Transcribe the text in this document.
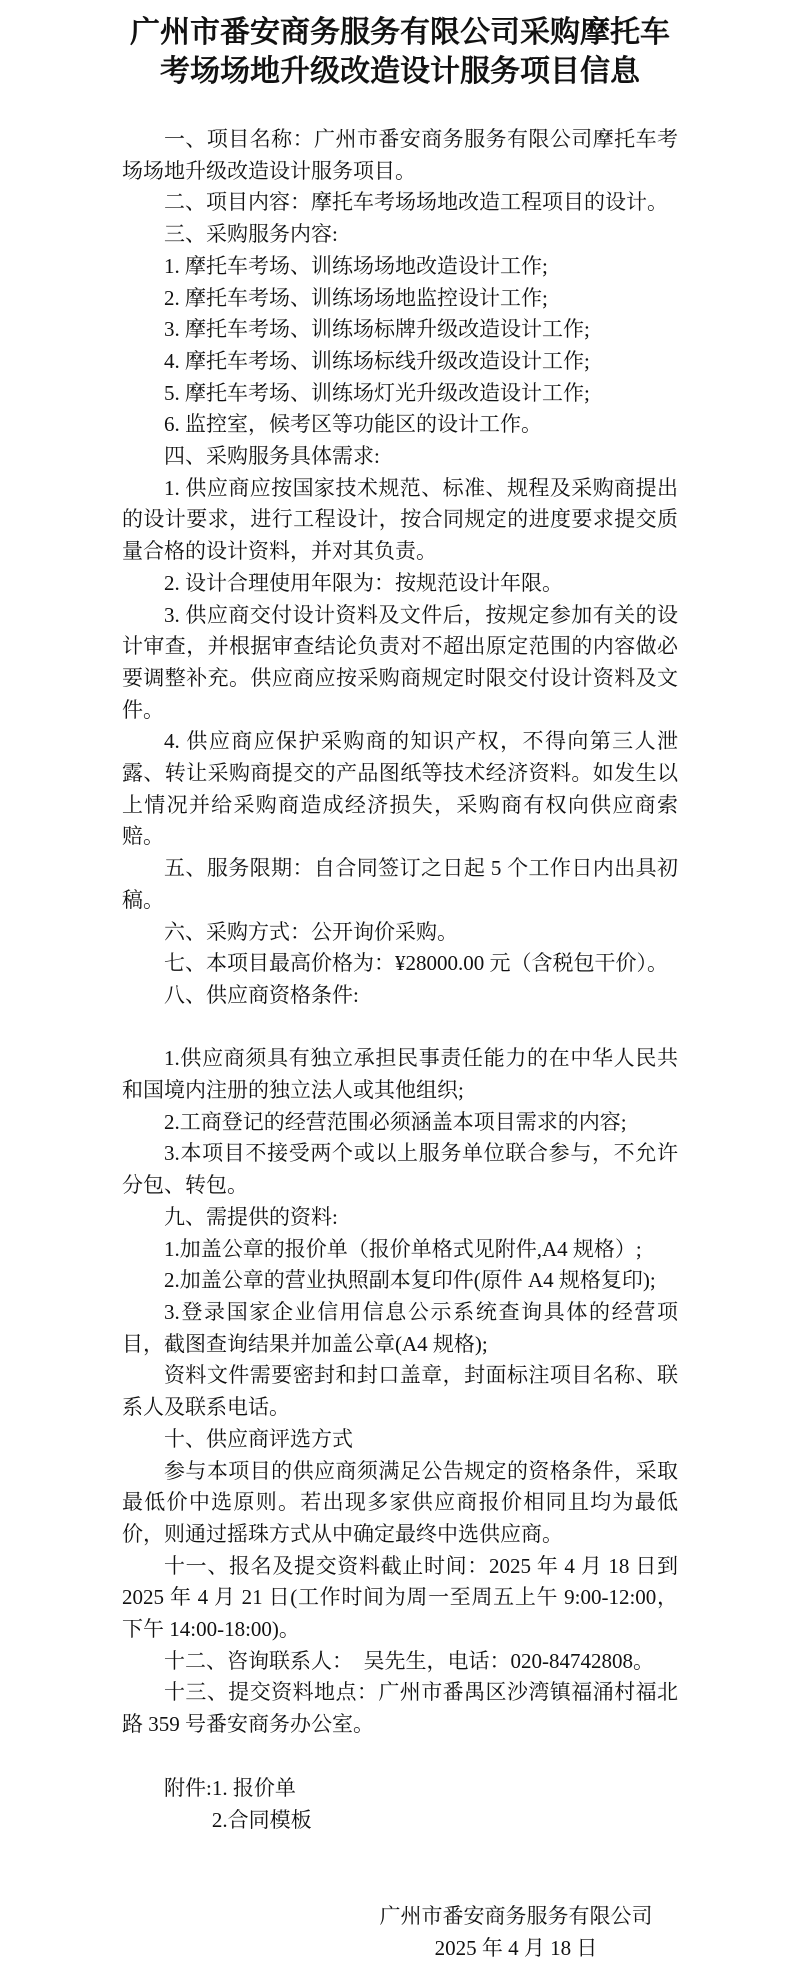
广州市番安商务服务有限公司采购摩托车
考场场地升级改造设计服务项目信息

一、项目名称：广州市番安商务服务有限公司摩托车考场场地升级改造设计服务项目。

二、项目内容：摩托车考场场地改造工程项目的设计。

三、采购服务内容:

1. 摩托车考场、训练场场地改造设计工作;

2. 摩托车考场、训练场场地监控设计工作;

3. 摩托车考场、训练场标牌升级改造设计工作;

4. 摩托车考场、训练场标线升级改造设计工作;

5. 摩托车考场、训练场灯光升级改造设计工作;

6. 监控室，候考区等功能区的设计工作。

四、采购服务具体需求:

1. 供应商应按国家技术规范、标准、规程及采购商提出的设计要求，进行工程设计，按合同规定的进度要求提交质量合格的设计资料，并对其负责。

2. 设计合理使用年限为：按规范设计年限。

3. 供应商交付设计资料及文件后，按规定参加有关的设计审查，并根据审查结论负责对不超出原定范围的内容做必要调整补充。供应商应按采购商规定时限交付设计资料及文件。

4. 供应商应保护采购商的知识产权，不得向第三人泄露、转让采购商提交的产品图纸等技术经济资料。如发生以上情况并给采购商造成经济损失，采购商有权向供应商索赔。

五、服务限期：自合同签订之日起 5 个工作日内出具初稿。

六、采购方式：公开询价采购。

七、本项目最高价格为：¥28000.00 元（含税包干价）。

八、供应商资格条件:

1.供应商须具有独立承担民事责任能力的在中华人民共和国境内注册的独立法人或其他组织;

2.工商登记的经营范围必须涵盖本项目需求的内容;

3.本项目不接受两个或以上服务单位联合参与，不允许分包、转包。

九、需提供的资料:

1.加盖公章的报价单（报价单格式见附件,A4 规格）;

2.加盖公章的营业执照副本复印件(原件 A4 规格复印);

3.登录国家企业信用信息公示系统查询具体的经营项目，截图查询结果并加盖公章(A4 规格);

资料文件需要密封和封口盖章，封面标注项目名称、联系人及联系电话。

十、供应商评选方式

参与本项目的供应商须满足公告规定的资格条件，采取最低价中选原则。若出现多家供应商报价相同且均为最低价，则通过摇珠方式从中确定最终中选供应商。

十一、报名及提交资料截止时间：2025 年 4 月 18 日到 2025 年 4 月 21 日(工作时间为周一至周五上午 9:00-12:00，下午 14:00-18:00)。

十二、咨询联系人：  吴先生，电话：020-84742808。

十三、提交资料地点：广州市番禺区沙湾镇福涌村福北路 359 号番安商务办公室。

附件: 1. 报价单
2.合同模板
广州市番安商务服务有限公司
2025 年 4 月 18 日
